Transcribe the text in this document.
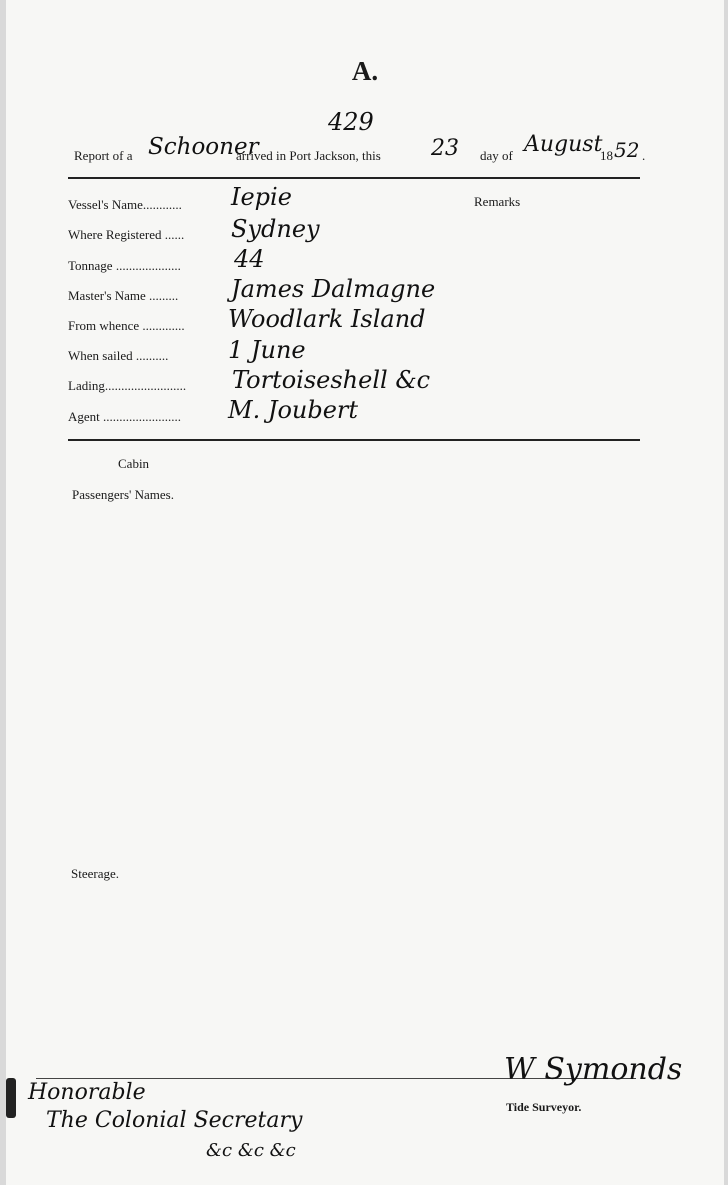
A.
429
Report of a Schooner
arrived in Port Jackson, this 23 day of August
18 52 .
Vessel's Name............ Iepie	Remarks
Where Registered ...... Sydney
Tonnage .................... 44
Master's Name ......... James Dalmagne
From whence ............. Woodlark Island
When sailed .......... 1 June
Lading......................... Tortoiseshell &c
Agent ........................ M. Joubert
Cabin
Passengers' Names.
Steerage.
W Symonds
Tide Surveyor.
Honorable
The Colonial Secretary
&c &c &c
